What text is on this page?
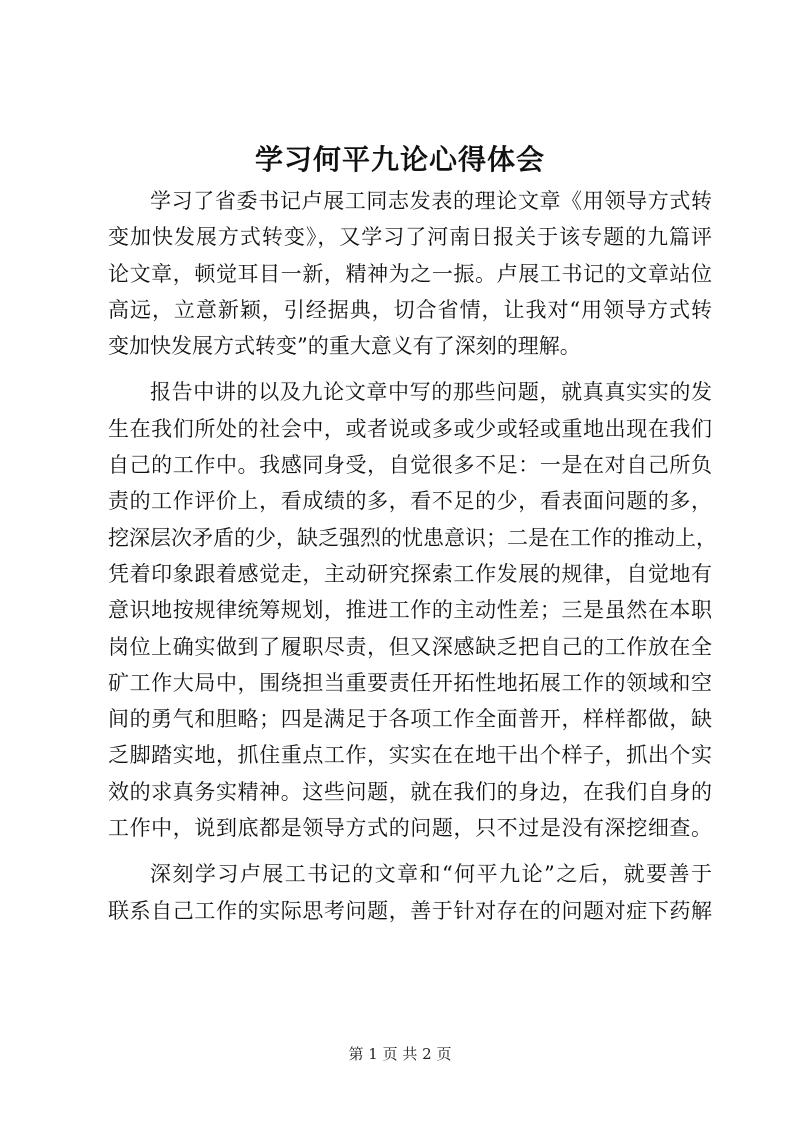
学习何平九论心得体会
学习了省委书记卢展工同志发表的理论文章《用领导方式转
变加快发展方式转变》，又学习了河南日报关于该专题的九篇评
论文章，顿觉耳目一新，精神为之一振。卢展工书记的文章站位
高远，立意新颖，引经据典，切合省情，让我对“用领导方式转
变加快发展方式转变”的重大意义有了深刻的理解。
报告中讲的以及九论文章中写的那些问题，就真真实实的发
生在我们所处的社会中，或者说或多或少或轻或重地出现在我们
自己的工作中。我感同身受，自觉很多不足：一是在对自己所负
责的工作评价上，看成绩的多，看不足的少，看表面问题的多，
挖深层次矛盾的少，缺乏强烈的忧患意识；二是在工作的推动上，
凭着印象跟着感觉走，主动研究探索工作发展的规律，自觉地有
意识地按规律统筹规划，推进工作的主动性差；三是虽然在本职
岗位上确实做到了履职尽责，但又深感缺乏把自己的工作放在全
矿工作大局中，围绕担当重要责任开拓性地拓展工作的领域和空
间的勇气和胆略；四是满足于各项工作全面普开，样样都做，缺
乏脚踏实地，抓住重点工作，实实在在地干出个样子，抓出个实
效的求真务实精神。这些问题，就在我们的身边，在我们自身的
工作中，说到底都是领导方式的问题，只不过是没有深挖细查。
深刻学习卢展工书记的文章和“何平九论”之后，就要善于
联系自己工作的实际思考问题，善于针对存在的问题对症下药解
第 1 页 共 2 页
